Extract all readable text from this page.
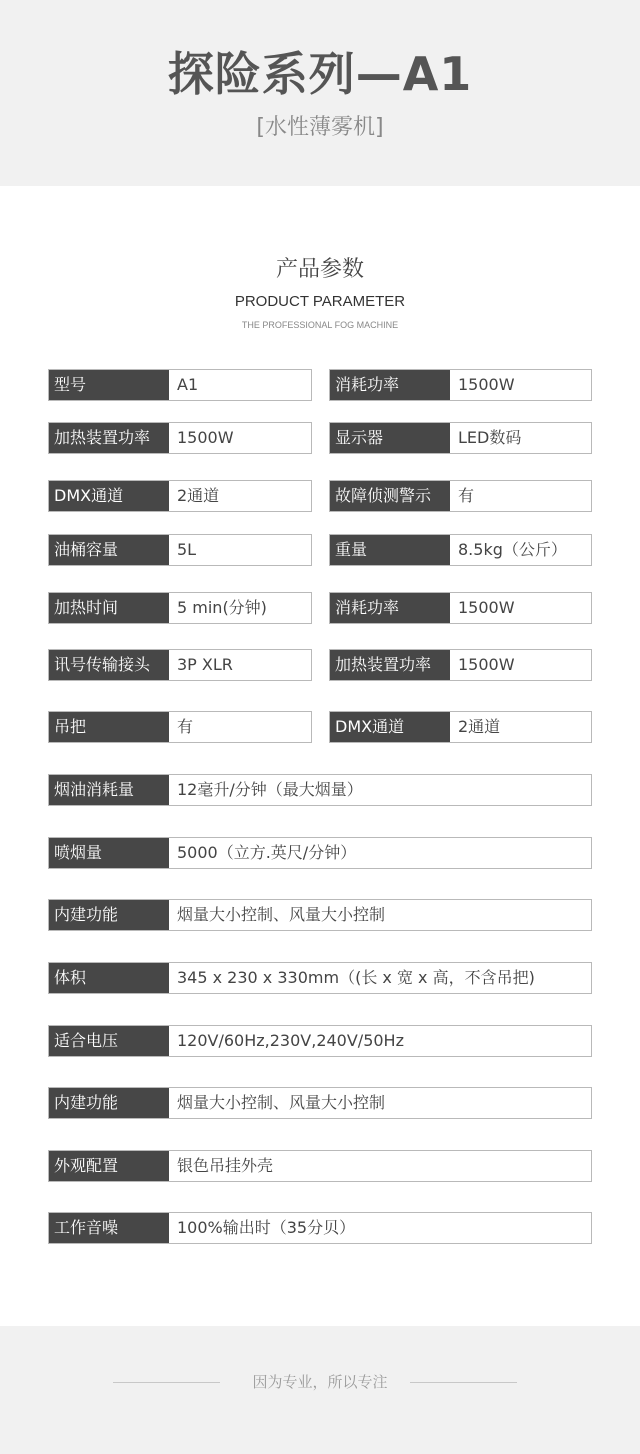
探险系列—A1
[水性薄雾机]
产品参数
PRODUCT PARAMETER
THE PROFESSIONAL FOG MACHINE
型号	A1	消耗功率	1500W
加热装置功率	1500W	显示器	LED数码
DMX通道	2通道	故障侦测警示	有
油桶容量	5L	重量	8.5kg（公斤）
加热时间	5 min(分钟)	消耗功率	1500W
讯号传输接头	3P XLR	加热装置功率	1500W
吊把	有	DMX通道	2通道
烟油消耗量	12毫升/分钟（最大烟量）
喷烟量	5000（立方.英尺/分钟）
内建功能	烟量大小控制、风量大小控制
体积	345 x 230 x 330mm（(长 x 宽 x 高，不含吊把)
适合电压	120V/60Hz,230V,240V/50Hz
内建功能	烟量大小控制、风量大小控制
外观配置	银色吊挂外壳
工作音噪	100%输出时（35分贝）
因为专业，所以专注
